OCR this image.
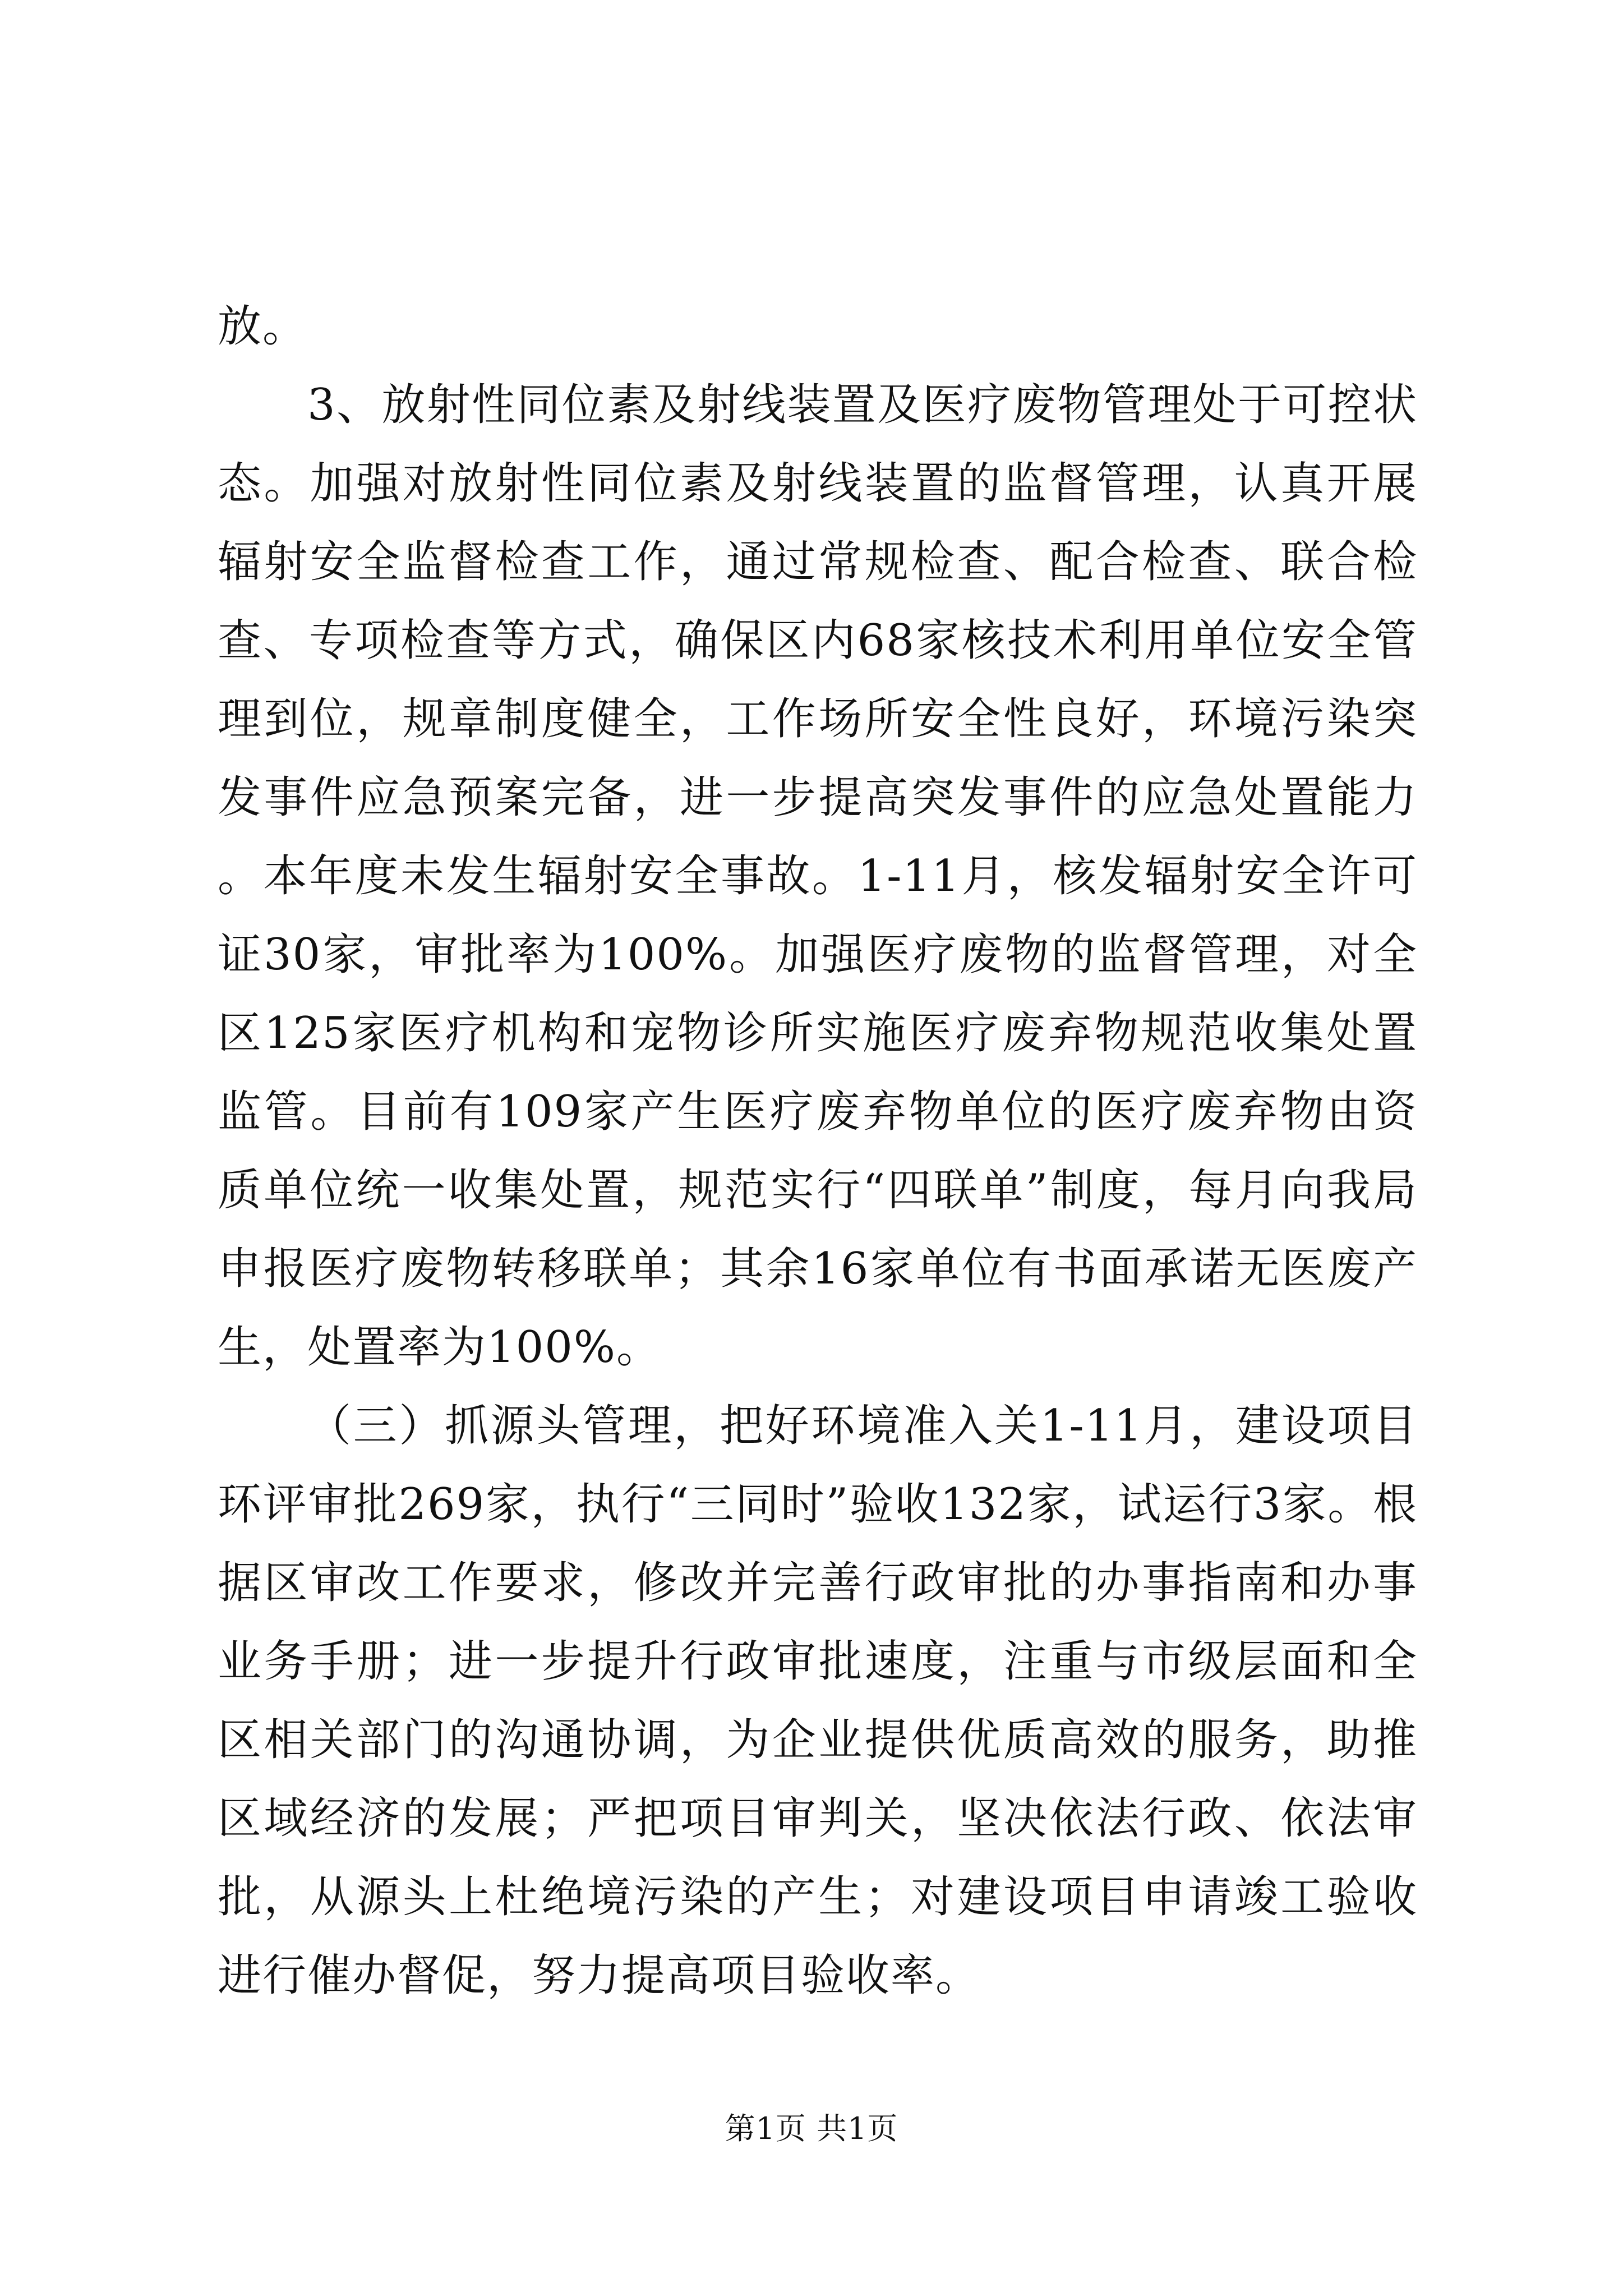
放。

3、放射性同位素及射线装置及医疗废物管理处于可控状态。加强对放射性同位素及射线装置的监督管理，认真开展辐射安全监督检查工作，通过常规检查、配合检查、联合检查、专项检查等方式，确保区内68家核技术利用单位安全管理到位，规章制度健全，工作场所安全性良好，环境污染突发事件应急预案完备，进一步提高突发事件的应急处置能力。本年度未发生辐射安全事故。1-11月，核发辐射安全许可证30家，审批率为100%。加强医疗废物的监督管理，对全区125家医疗机构和宠物诊所实施医疗废弃物规范收集处置监管。目前有109家产生医疗废弃物单位的医疗废弃物由资质单位统一收集处置，规范实行“四联单”制度，每月向我局申报医疗废物转移联单；其余16家单位有书面承诺无医废产生，处置率为100%。

（三）抓源头管理，把好环境准入关1-11月，建设项目环评审批269家，执行“三同时”验收132家，试运行3家。根据区审改工作要求，修改并完善行政审批的办事指南和办事业务手册；进一步提升行政审批速度，注重与市级层面和全区相关部门的沟通协调，为企业提供优质高效的服务，助推区域经济的发展；严把项目审判关，坚决依法行政、依法审批，从源头上杜绝境污染的产生；对建设项目申请竣工验收进行催办督促，努力提高项目验收率。

第1页 共1页
